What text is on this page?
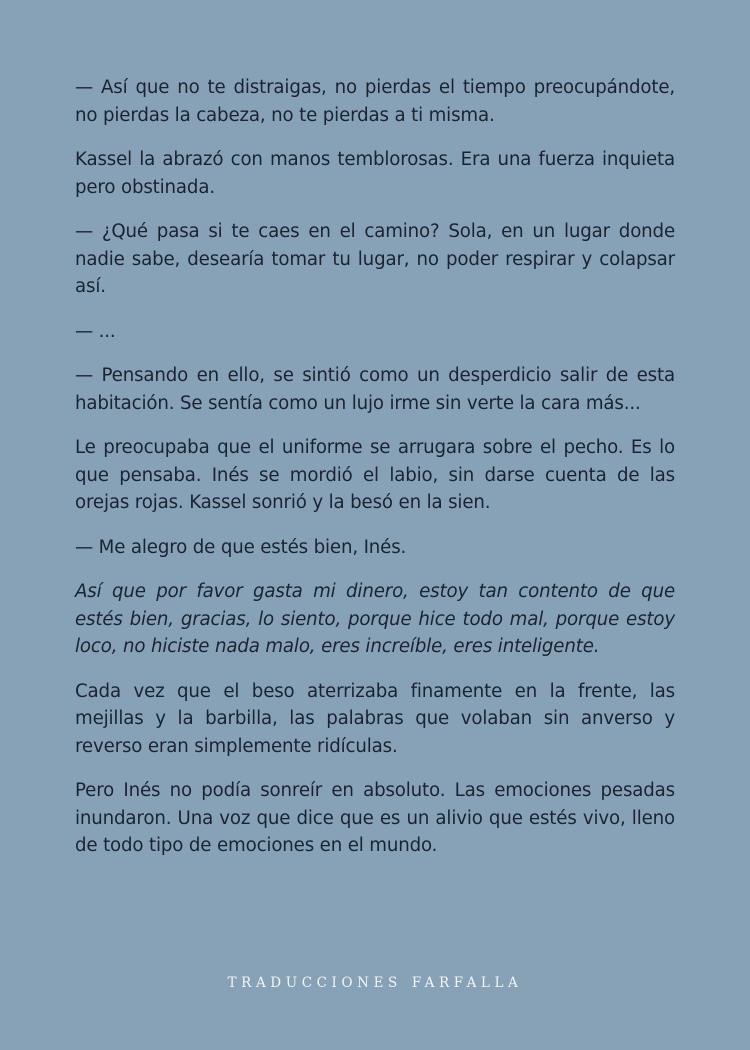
— Así que no te distraigas, no pierdas el tiempo preocupándote, no pierdas la cabeza, no te pierdas a ti misma.

Kassel la abrazó con manos temblorosas. Era una fuerza inquieta pero obstinada.

— ¿Qué pasa si te caes en el camino? Sola, en un lugar donde nadie sabe, desearía tomar tu lugar, no poder respirar y colapsar así.

— ...

— Pensando en ello, se sintió como un desperdicio salir de esta habitación. Se sentía como un lujo irme sin verte la cara más...

Le preocupaba que el uniforme se arrugara sobre el pecho. Es lo que pensaba. Inés se mordió el labio, sin darse cuenta de las orejas rojas. Kassel sonrió y la besó en la sien.

— Me alegro de que estés bien, Inés.

Así que por favor gasta mi dinero, estoy tan contento de que estés bien, gracias, lo siento, porque hice todo mal, porque estoy loco, no hiciste nada malo, eres increíble, eres inteligente.

Cada vez que el beso aterrizaba finamente en la frente, las mejillas y la barbilla, las palabras que volaban sin anverso y reverso eran simplemente ridículas.

Pero Inés no podía sonreír en absoluto. Las emociones pesadas inundaron. Una voz que dice que es un alivio que estés vivo, lleno de todo tipo de emociones en el mundo.

TRADUCCIONES FARFALLA
